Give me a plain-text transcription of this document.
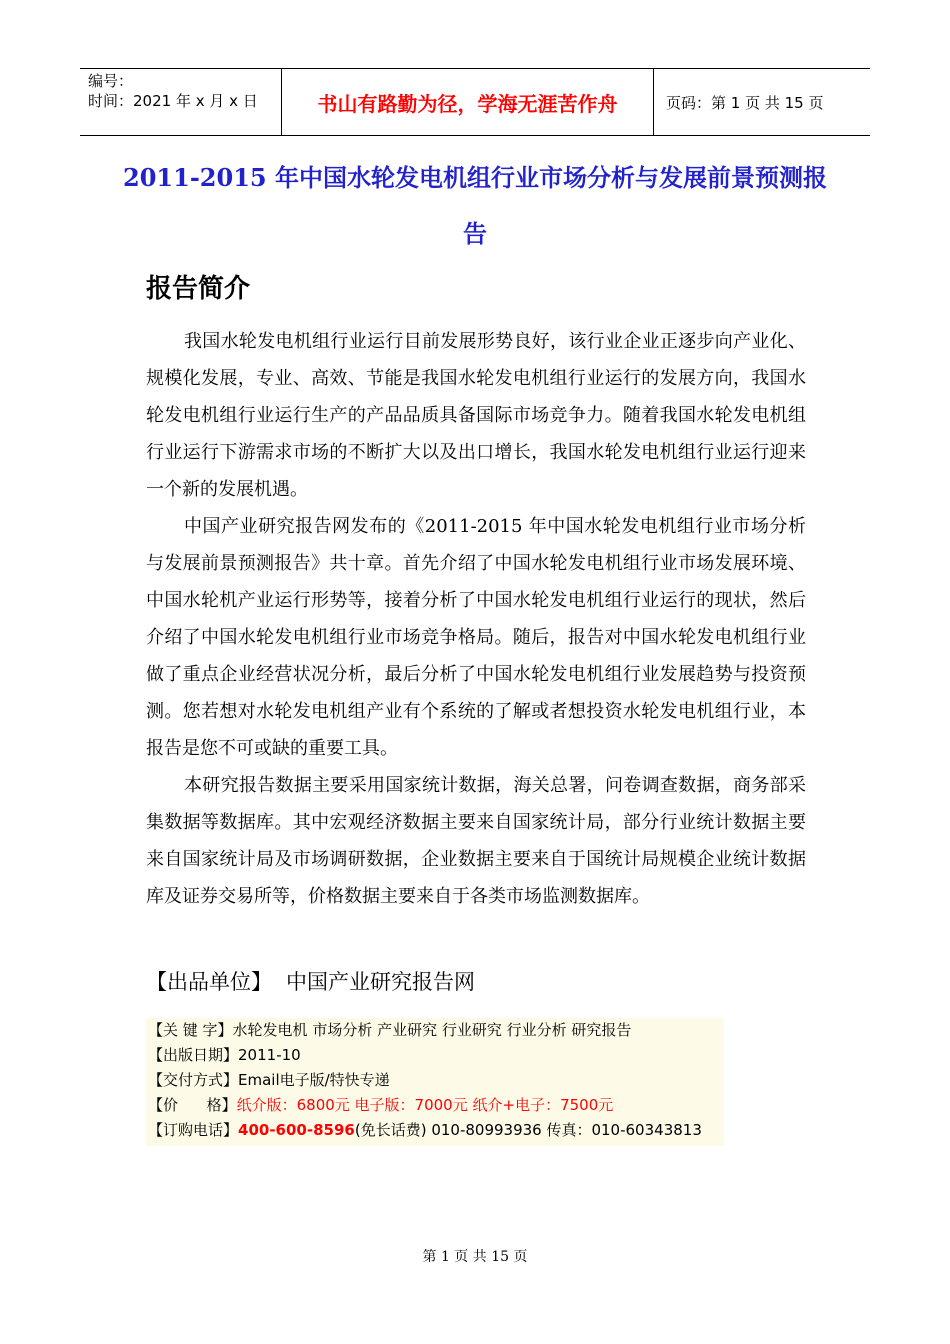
编号：
时间：2021 年 x 月 x 日	书山有路勤为径，学海无涯苦作舟	页码：第 1 页 共 15 页
2011-2015 年中国水轮发电机组行业市场分析与发展前景预测报
告
报告简介
我国水轮发电机组行业运行目前发展形势良好，该行业企业正逐步向产业化、规模化发展，专业、高效、节能是我国水轮发电机组行业运行的发展方向，我国水轮发电机组行业运行生产的产品品质具备国际市场竞争力。随着我国水轮发电机组行业运行下游需求市场的不断扩大以及出口增长，我国水轮发电机组行业运行迎来一个新的发展机遇。
中国产业研究报告网发布的《2011-2015 年中国水轮发电机组行业市场分析与发展前景预测报告》共十章。首先介绍了中国水轮发电机组行业市场发展环境、中国水轮机产业运行形势等，接着分析了中国水轮发电机组行业运行的现状，然后介绍了中国水轮发电机组行业市场竞争格局。随后，报告对中国水轮发电机组行业做了重点企业经营状况分析，最后分析了中国水轮发电机组行业发展趋势与投资预测。您若想对水轮发电机组产业有个系统的了解或者想投资水轮发电机组行业，本报告是您不可或缺的重要工具。
本研究报告数据主要采用国家统计数据，海关总署，问卷调查数据，商务部采集数据等数据库。其中宏观经济数据主要来自国家统计局，部分行业统计数据主要来自国家统计局及市场调研数据，企业数据主要来自于国统计局规模企业统计数据库及证券交易所等，价格数据主要来自于各类市场监测数据库。
【出品单位】 中国产业研究报告网
【关 键 字】水轮发电机 市场分析 产业研究 行业研究 行业分析 研究报告
【出版日期】2011-10
【交付方式】Email电子版/特快专递
【价      格】纸介版：6800元 电子版：7000元 纸介+电子：7500元
【订购电话】400-600-8596(免长话费) 010-80993936 传真：010-60343813
第 1 页 共 15 页
